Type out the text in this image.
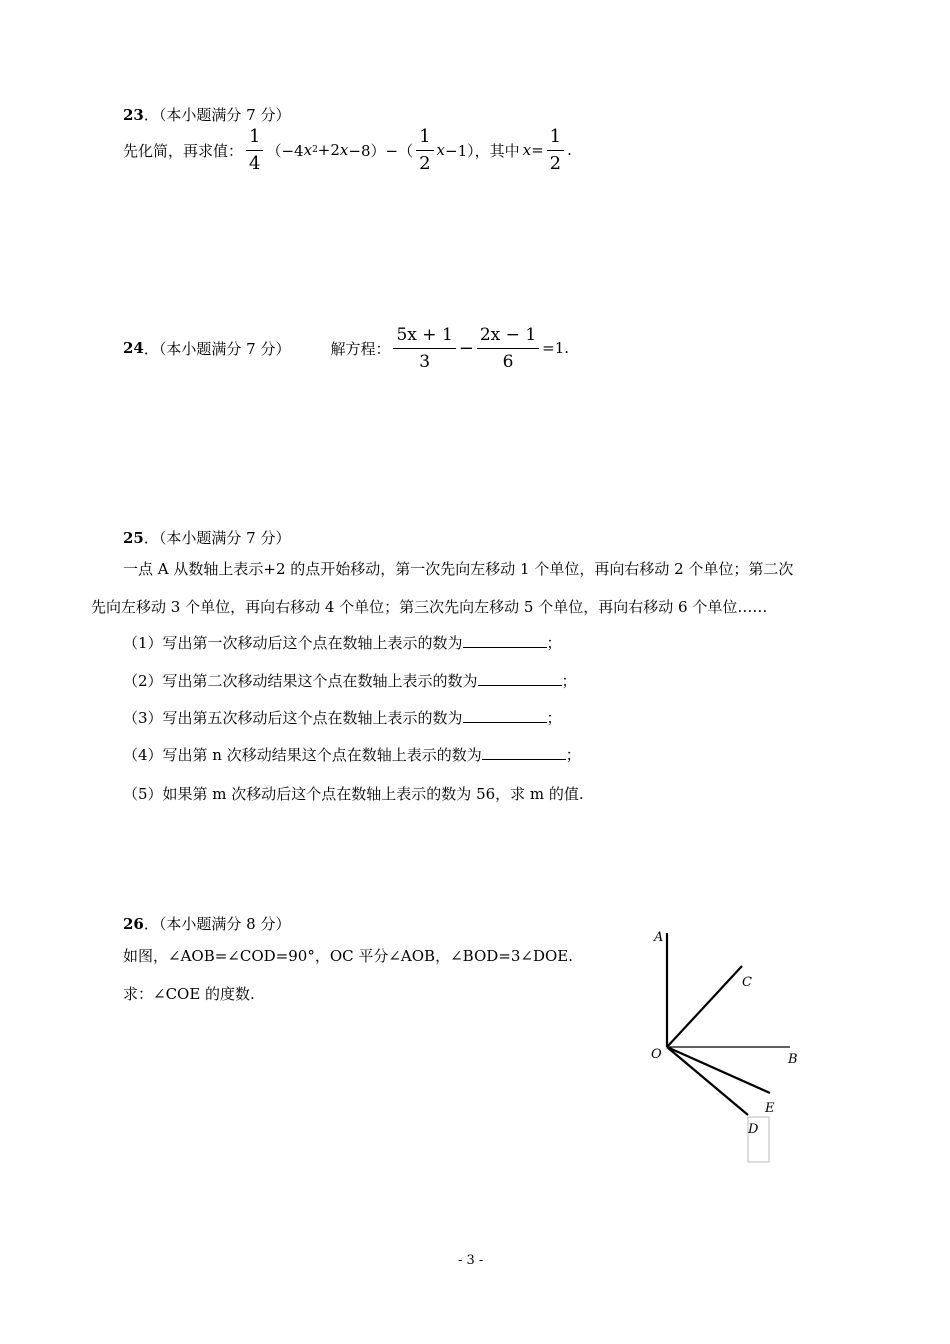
23．（本小题满分 7 分）
先化简，再求值： $\frac{1}{4} (-4$ x 2 +2 $x -8)-( \frac{1}{2}$ x −1），其中 $x= \frac{1}{2}$ .
24 ．（本小题满分 7 分）	解方程： $\frac{5x + 1}{3} - \frac{2x - 1}{6} =1$.
25．（本小题满分 7 分）
一点 A 从数轴上表示+2 的点开始移动，第一次先向左移动 1 个单位，再向右移动 2 个单位；第二次
先向左移动 3 个单位，再向右移动 4 个单位；第三次先向左移动 5 个单位，再向右移动 6 个单位……
（1）写出第一次移动后这个点在数轴上表示的数为	；
（2）写出第二次移动结果这个点在数轴上表示的数为	；
（3）写出第五次移动后这个点在数轴上表示的数为	；
（4）写出第 n 次移动结果这个点在数轴上表示的数为	；
（5）如果第 m 次移动后这个点在数轴上表示的数为 56，求 m 的值.
26．（本小题满分 8 分）
如图，∠AOB=∠COD=90°，OC 平分∠AOB，∠BOD=3∠DOE.
求：∠COE 的度数.
A
C
O	B
E
D
- 3 -
